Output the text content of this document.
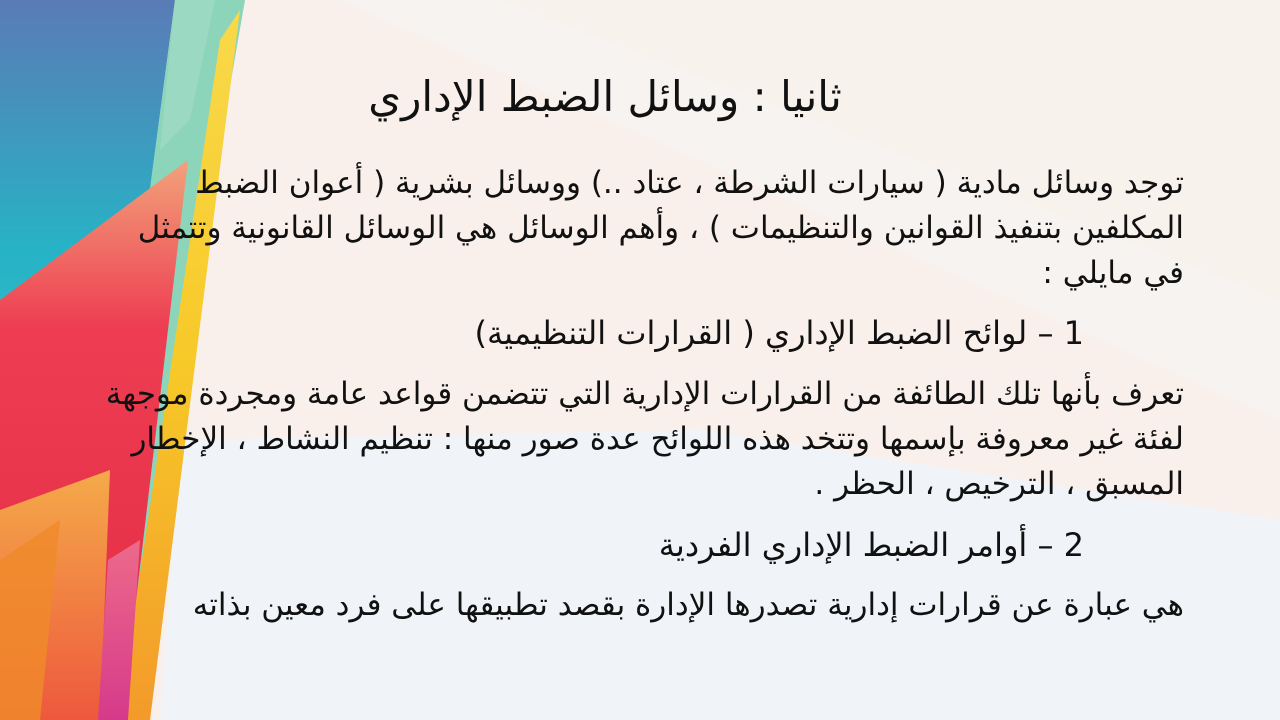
ثانيا : وسائل الضبط الإداري

توجد وسائل مادية ( سيارات الشرطة ، عتاد ..) ووسائل بشرية ( أعوان الضبط المكلفين بتنفيذ القوانين والتنظيمات ) ، وأهم الوسائل هي الوسائل القانونية وتتمثل في مايلي :

1 – لوائح الضبط الإداري ( القرارات التنظيمية)

تعرف بأنها تلك الطائفة من القرارات الإدارية التي تتضمن قواعد عامة ومجردة موجهة لفئة غير معروفة بإسمها وتتخد هذه اللوائح عدة صور منها : تنظيم النشاط ، الإخطار المسبق ، الترخيص ، الحظر .

2 – أوامر الضبط الإداري الفردية

هي عبارة عن قرارات إدارية تصدرها الإدارة بقصد تطبيقها على فرد معين بذاته
